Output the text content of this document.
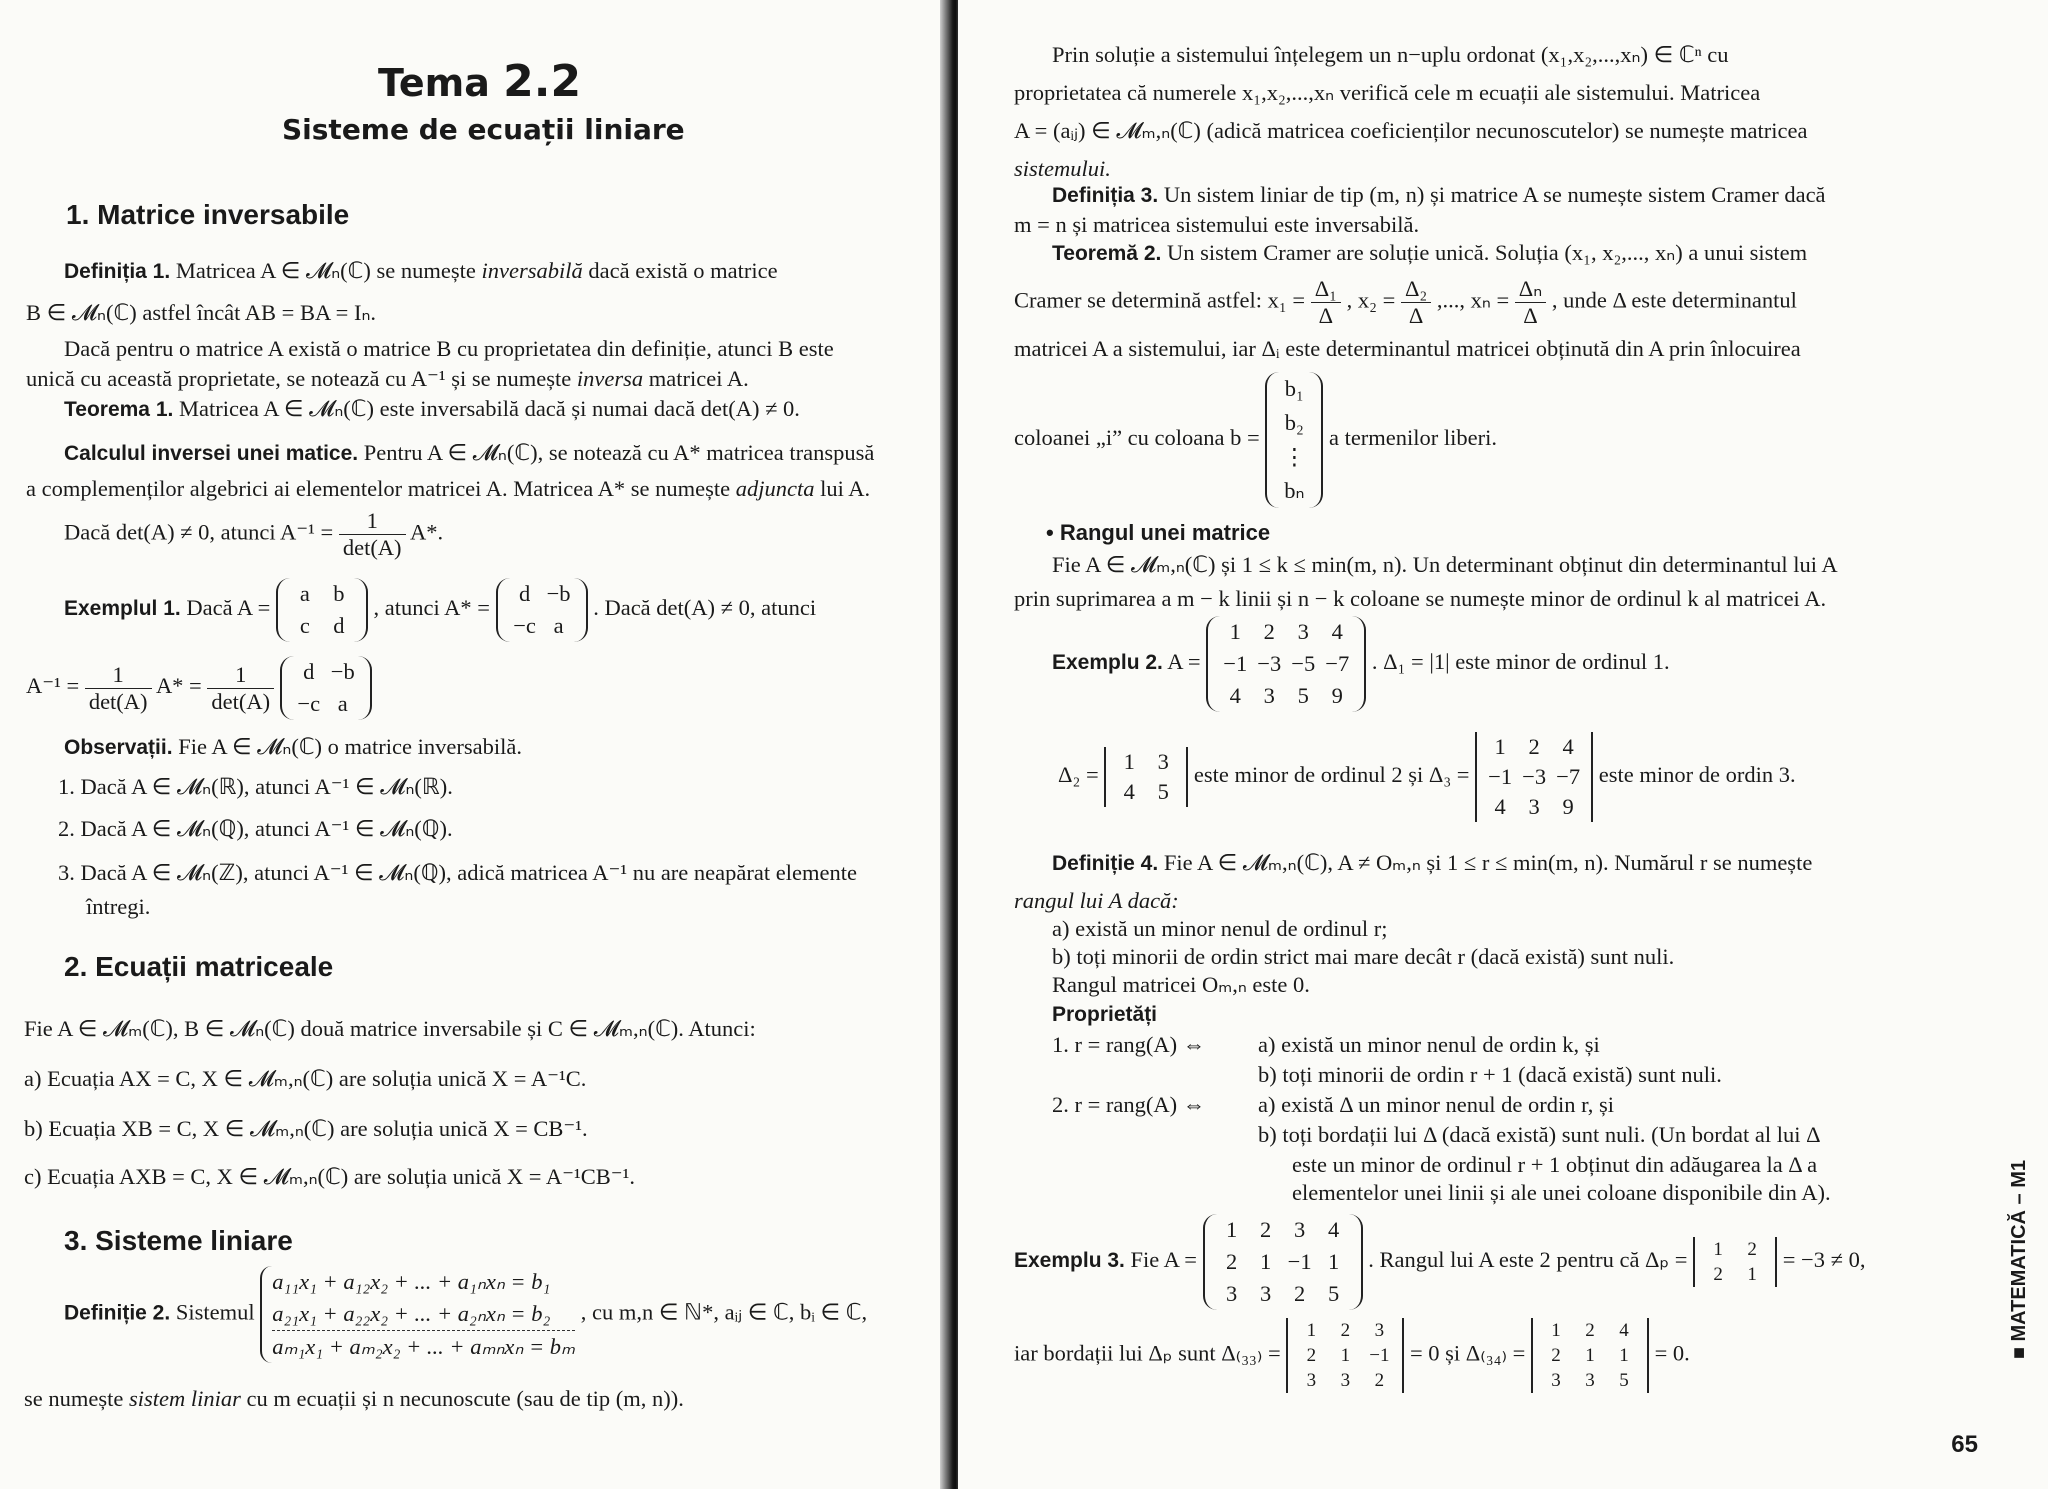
Tema 2.2
Sisteme de ecuații liniare
1. Matrice inversabile
Definiția 1. Matricea A ∈ 𝓜ₙ(ℂ) se numește inversabilă dacă există o matrice
B ∈ 𝓜ₙ(ℂ) astfel încât AB = BA = Iₙ.
Dacă pentru o matrice A există o matrice B cu proprietatea din definiție, atunci B este
unică cu această proprietate, se notează cu A⁻¹ și se numește inversa matricei A.
Teorema 1. Matricea A ∈ 𝓜ₙ(ℂ) este inversabilă dacă și numai dacă det(A) ≠ 0.
Calculul inversei unei matice. Pentru A ∈ 𝓜ₙ(ℂ), se notează cu A* matricea transpusă
a complemenților algebrici ai elementelor matricei A. Matricea A* se numește adjuncta lui A.
Dacă det(A) ≠ 0, atunci $A^{-1} = \frac{1}{\det(A)} A*$.
Exemplul 1. Dacă A =
a b
c d
, atunci A* =
d −b
−c a
. Dacă det(A) ≠ 0, atunci
$A^{-1} = \frac{1}{\det(A)} A* = \frac{1}{\det(A)}$
	d −b
−c a
Observații. Fie A ∈ 𝓜ₙ(ℂ) o matrice inversabilă.
1. Dacă A ∈ 𝓜ₙ(ℝ), atunci A⁻¹ ∈ 𝓜ₙ(ℝ).
2. Dacă A ∈ 𝓜ₙ(ℚ), atunci A⁻¹ ∈ 𝓜ₙ(ℚ).
3. Dacă A ∈ 𝓜ₙ(ℤ), atunci A⁻¹ ∈ 𝓜ₙ(ℚ), adică matricea A⁻¹ nu are neapărat elemente
întregi.
2. Ecuații matriceale
Fie A ∈ 𝓜ₘ(ℂ), B ∈ 𝓜ₙ(ℂ) două matrice inversabile și C ∈ 𝓜ₘ,ₙ(ℂ). Atunci:
a) Ecuația AX = C, X ∈ 𝓜ₘ,ₙ(ℂ) are soluția unică X = A⁻¹C.
b) Ecuația XB = C, X ∈ 𝓜ₘ,ₙ(ℂ) are soluția unică X = CB⁻¹.
c) Ecuația AXB = C, X ∈ 𝓜ₘ,ₙ(ℂ) are soluția unică X = A⁻¹CB⁻¹.
3. Sisteme liniare
Definiție 2. Sistemul
a₁₁x₁ + a₁₂x₂ + ... + a₁ₙxₙ = b₁
a₂₁x₁ + a₂₂x₂ + ... + a₂ₙxₙ = b₂
aₘ₁x₁ + aₘ₂x₂ + ... + aₘₙxₙ = bₘ
, cu m,n ∈ ℕ*, aᵢⱼ ∈ ℂ, bᵢ ∈ ℂ,
se numește sistem liniar cu m ecuații și n necunoscute (sau de tip (m, n)).
Prin soluție a sistemului înțelegem un n−uplu ordonat (x₁,x₂,...,xₙ) ∈ ℂⁿ cu
proprietatea că numerele x₁,x₂,...,xₙ verifică cele m ecuații ale sistemului. Matricea
A = (aᵢⱼ) ∈ 𝓜ₘ,ₙ(ℂ) (adică matricea coeficienților necunoscutelor) se numește matricea
sistemului.
Definiția 3. Un sistem liniar de tip (m, n) și matrice A se numește sistem Cramer dacă
m = n și matricea sistemului este inversabilă.
Teoremă 2. Un sistem Cramer are soluție unică. Soluția (x₁, x₂,..., xₙ) a unui sistem
Cramer se determină astfel: $x_1 = \frac{\text{Δ₁}}{\Delta}$ , $x_2 = \frac{\text{Δ₂}}{\Delta}$ ,..., $x_n = \frac{\text{Δₙ}}{\Delta}$ , unde Δ este determinantul
matricei A a sistemului, iar Δᵢ este determinantul matricei obținută din A prin înlocuirea
coloanei „i” cu coloana b =
b₁
b₂
⋮
bₙ
a termenilor liberi.
• Rangul unei matrice
Fie A ∈ 𝓜ₘ,ₙ(ℂ) și 1 ≤ k ≤ min(m, n). Un determinant obținut din determinantul lui A
prin suprimarea a m − k linii și n − k coloane se numește minor de ordinul k al matricei A.
Exemplu 2. A =
1 2 3 4
−1 −3 −5 −7
4 3 5 9
. Δ₁ = |1| este minor de ordinul 1.
Δ₂ =
1 3
4 5
este minor de ordinul 2 și Δ₃ =
1 2 4
−1 −3 −7
4 3 9
este minor de ordin 3.
Definiție 4. Fie A ∈ 𝓜ₘ,ₙ(ℂ), A ≠ Oₘ,ₙ și 1 ≤ r ≤ min(m, n). Numărul r se numește
rangul lui A dacă:
a) există un minor nenul de ordinul r;
b) toți minorii de ordin strict mai mare decât r (dacă există) sunt nuli.
Rangul matricei Oₘ,ₙ este 0.
Proprietăți
1. r = rang(A) ⇔ a) există un minor nenul de ordin k, și
b) toți minorii de ordin r + 1 (dacă există) sunt nuli.
2. r = rang(A) ⇔ a) există Δ un minor nenul de ordin r, și
b) toți bordații lui Δ (dacă există) sunt nuli. (Un bordat al lui Δ
este un minor de ordinul r + 1 obținut din adăugarea la Δ a
elementelor unei linii și ale unei coloane disponibile din A).
Exemplu 3. Fie A =
1 2 3 4
2 1 −1 1
3 3 2 5
. Rangul lui A este 2 pentru că Δₚ =	1 2
2 1
= −3 ≠ 0,
iar bordații lui Δₚ sunt Δ₍₃₃₎ =
1 2 3
2 1 −1
3 3 2
= 0 și Δ₍₃₄₎ =
1 2 4
2 1 1
3 3 5
= 0.	■ MATEMATICĂ – M1
65
